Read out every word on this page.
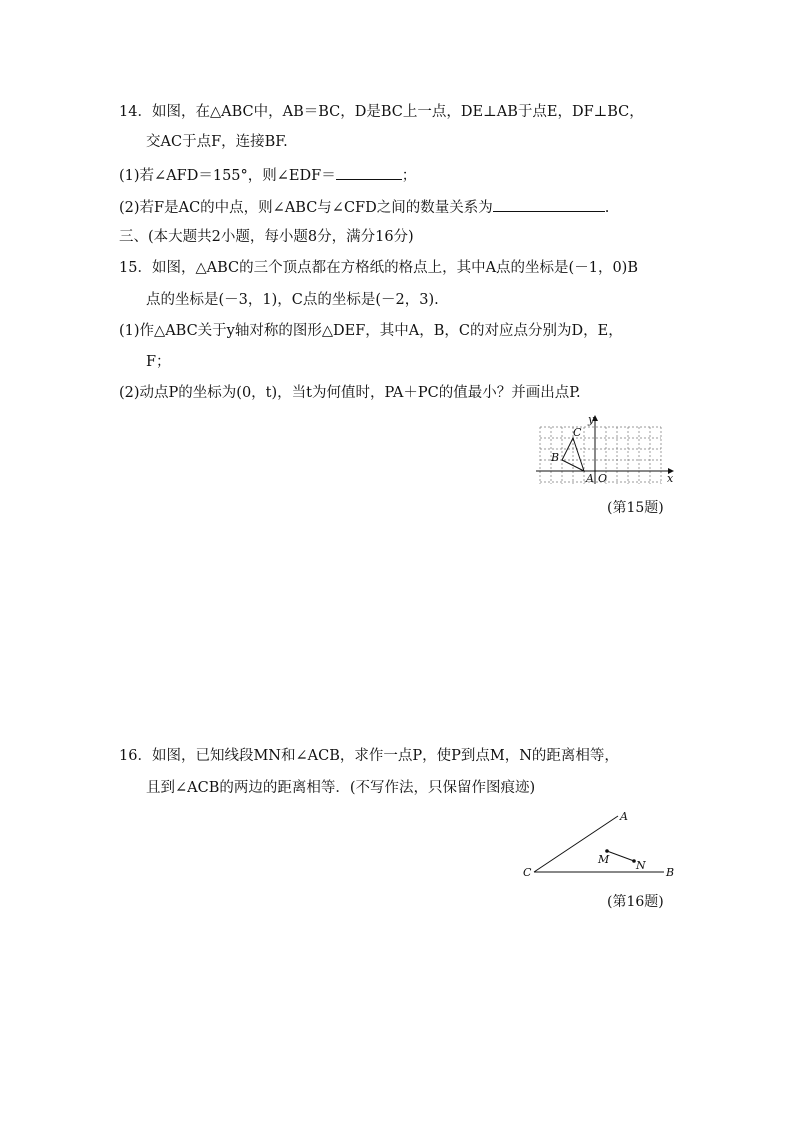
14．如图，在△ABC中，AB＝BC，D是BC上一点，DE⊥AB于点E，DF⊥BC，
交AC于点F，连接BF.
(1)若∠AFD＝155°，则∠EDF＝	；
(2)若F是AC的中点，则∠ABC与∠CFD之间的数量关系为	.
三、(本大题共2小题，每小题8分，满分16分)
15．如图，△ABC的三个顶点都在方格纸的格点上，其中A点的坐标是(－1，0)B
点的坐标是(－3，1)，C点的坐标是(－2，3).
(1)作△ABC关于y轴对称的图形△DEF，其中A，B，C的对应点分别为D，E，
F；
(2)动点P的坐标为(0，t)，当t为何值时，PA＋PC的值最小？并画出点P.
C
B
A O	x
y
(第15题)
16．如图，已知线段MN和∠ACB，求作一点P，使P到点M，N的距离相等，
且到∠ACB的两边的距离相等．(不写作法，只保留作图痕迹)
A
C	B
M N
(第16题)
